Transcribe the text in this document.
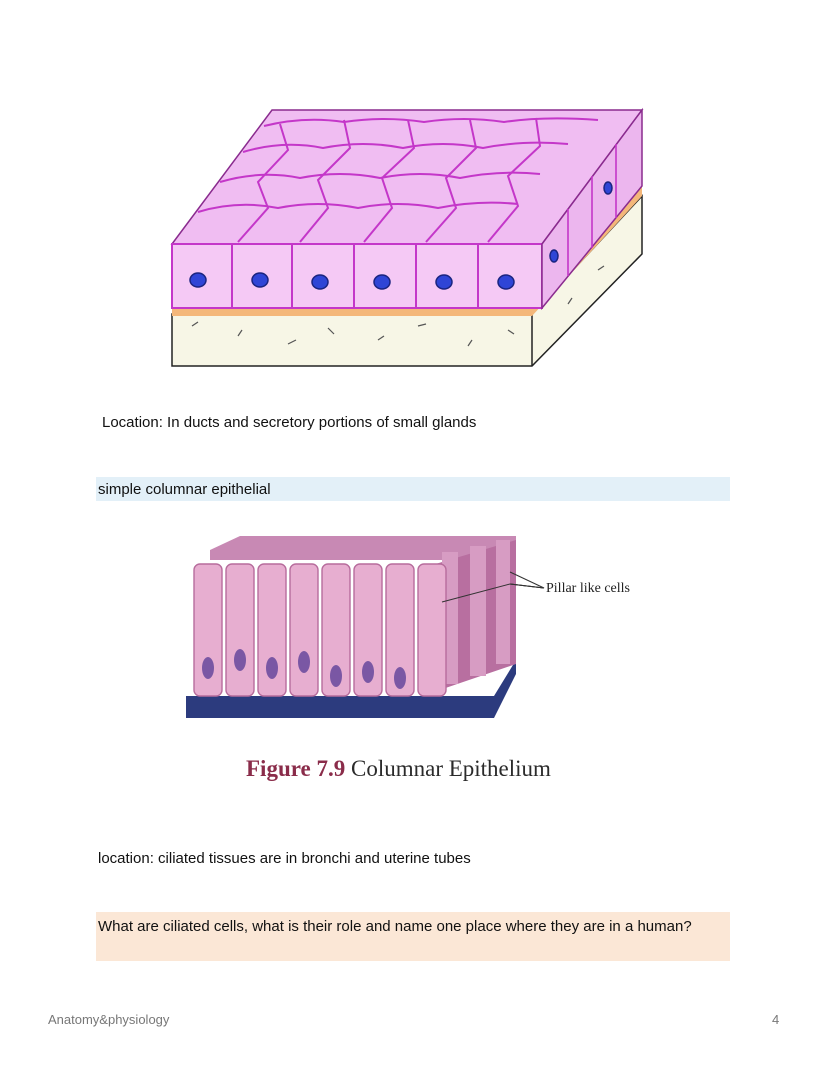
Location: In ducts and secretory portions of small glands
simple columnar epithelial
Pillar like cells
Figure 7.9 Columnar Epithelium
location: ciliated tissues are in bronchi and uterine tubes
What are ciliated cells, what is their role and name one place where they are in a human?
Anatomy&physiology	4
